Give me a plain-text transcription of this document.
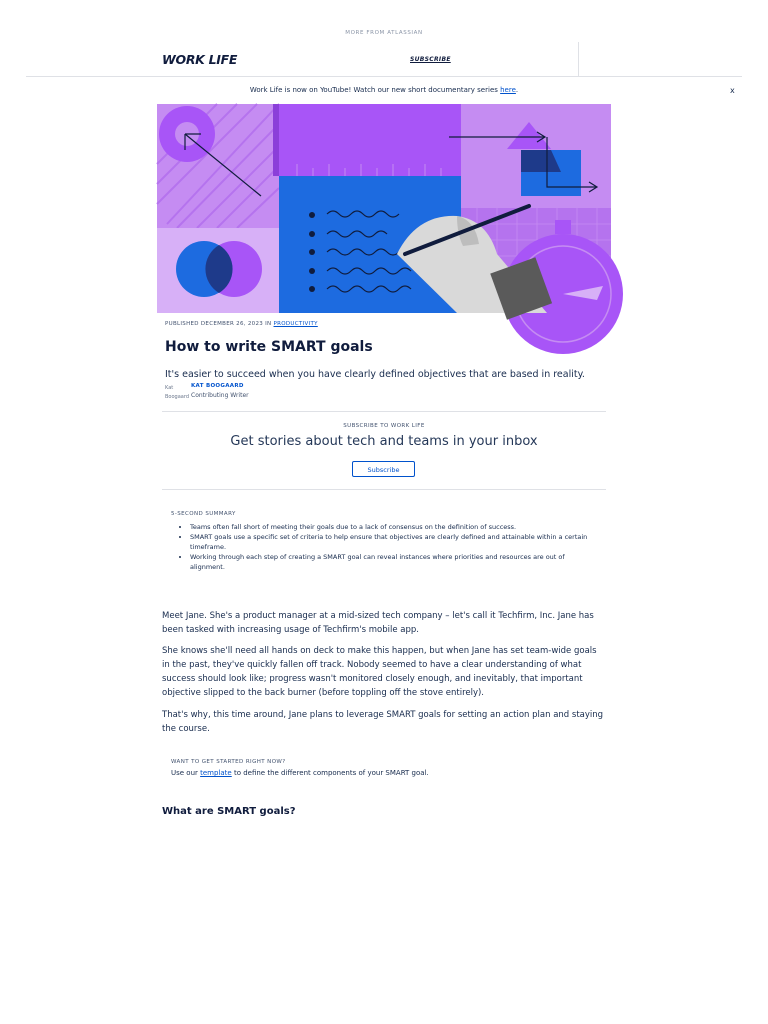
MORE FROM ATLASSIAN
WORK LIFE	SUBSCRIBE
Work Life is now on YouTube! Watch our new short documentary series here.	x
PUBLISHED DECEMBER 26, 2023 IN PRODUCTIVITY
How to write SMART goals
It's easier to succeed when you have clearly defined objectives that are based in reality.
Kat Boogaard
KAT BOOGAARD
Contributing Writer
SUBSCRIBE TO WORK LIFE
Get stories about tech and teams in your inbox
Subscribe
5-SECOND SUMMARY
• Teams often fall short of meeting their goals due to a lack of consensus on the definition of success.
• SMART goals use a specific set of criteria to help ensure that objectives are clearly defined and attainable within a certain timeframe.
• Working through each step of creating a SMART goal can reveal instances where priorities and resources are out of alignment.

Meet Jane. She's a product manager at a mid-sized tech company – let's call it Techfirm, Inc. Jane has been tasked with increasing usage of Techfirm's mobile app.

She knows she'll need all hands on deck to make this happen, but when Jane has set team-wide goals in the past, they've quickly fallen off track. Nobody seemed to have a clear understanding of what success should look like; progress wasn't monitored closely enough, and inevitably, that important objective slipped to the back burner (before toppling off the stove entirely).

That's why, this time around, Jane plans to leverage SMART goals for setting an action plan and staying the course.

WANT TO GET STARTED RIGHT NOW?
Use our template to define the different components of your SMART goal.
What are SMART goals?
